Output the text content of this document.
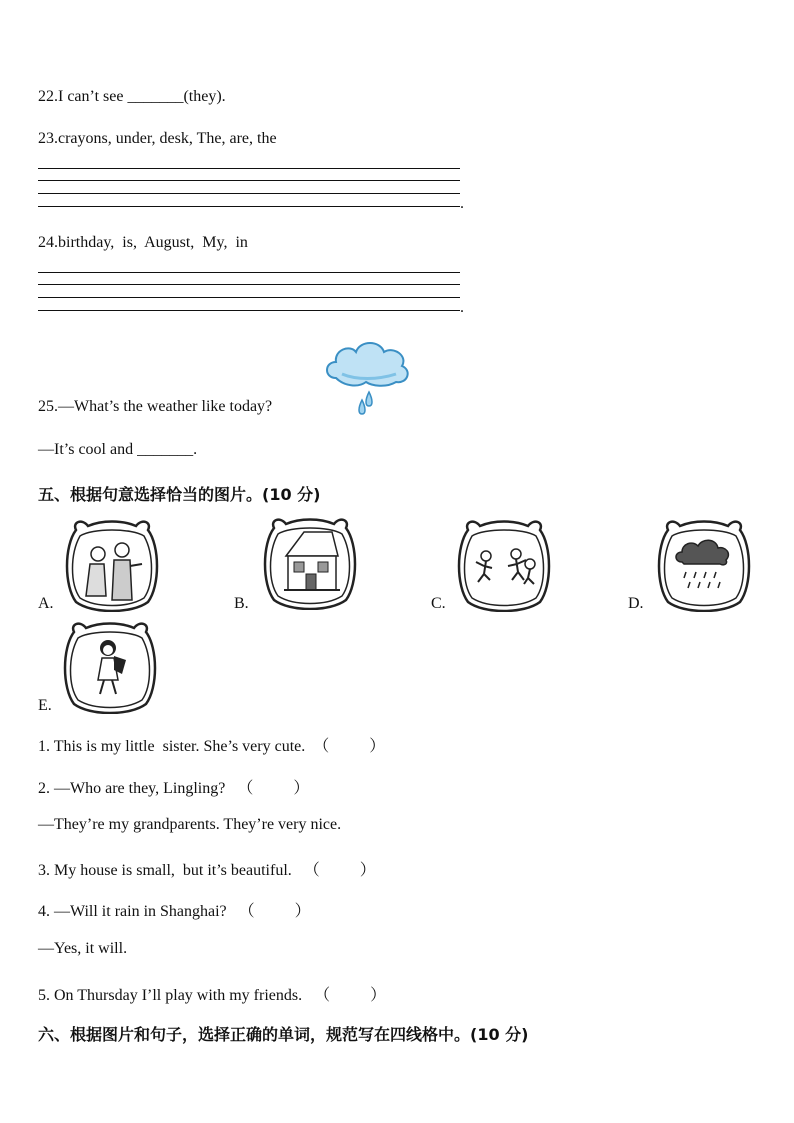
22.I can’t see _______(they).
23.crayons, under, desk, The, are, the
.
24.birthday,  is,  August,  My,  in
.
25.—What’s the weather like today?
—It’s cool and _______.
五、根据句意选择恰当的图片。(10 分)
A.	B.	C.	D.
E.
1. This is my little  sister. She’s very cute.  （          ）
2. —Who are they, Lingling?   （          ）
—They’re my grandparents. They’re very nice.
3. My house is small,  but it’s beautiful.   （          ）
4. —Will it rain in Shanghai?   （          ）
—Yes, it will.
5. On Thursday I’ll play with my friends.   （          ）
六、根据图片和句子，选择正确的单词，规范写在四线格中。(10 分)
